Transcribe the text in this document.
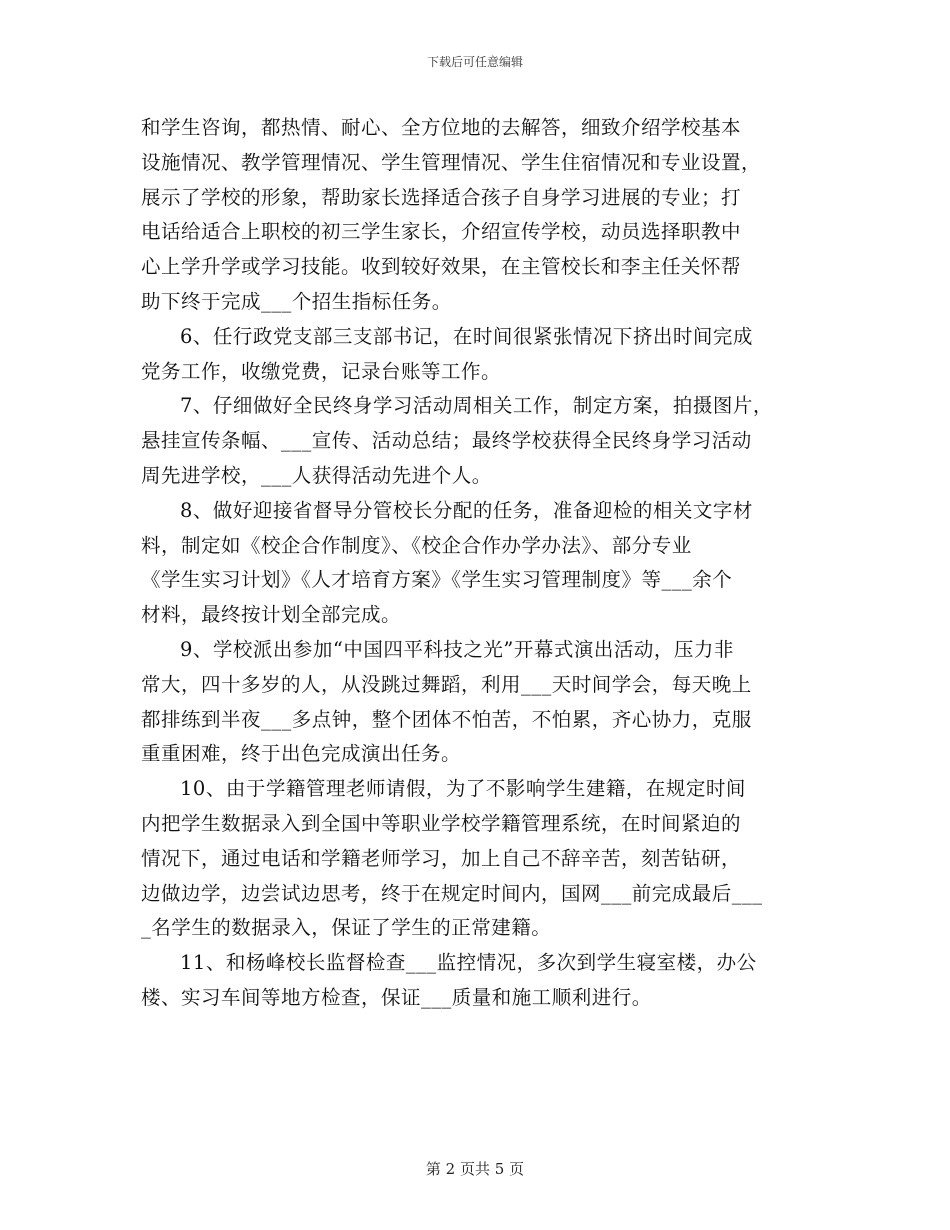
下载后可任意编辑
和学生咨询，都热情、耐心、全方位地的去解答，细致介绍学校基本
设施情况、教学管理情况、学生管理情况、学生住宿情况和专业设置，
展示了学校的形象，帮助家长选择适合孩子自身学习进展的专业；打
电话给适合上职校的初三学生家长，介绍宣传学校，动员选择职教中
心上学升学或学习技能。收到较好效果，在主管校长和李主任关怀帮
助下终于完成___个招生指标任务。
6、任行政党支部三支部书记，在时间很紧张情况下挤出时间完成
党务工作，收缴党费，记录台账等工作。
7、仔细做好全民终身学习活动周相关工作，制定方案，拍摄图片，
悬挂宣传条幅、___宣传、活动总结；最终学校获得全民终身学习活动
周先进学校，___人获得活动先进个人。
8、做好迎接省督导分管校长分配的任务，准备迎检的相关文字材
料，制定如《校企合作制度》、《校企合作办学办法》、部分专业
《学生实习计划》《人才培育方案》《学生实习管理制度》等___余个
材料，最终按计划全部完成。
9、学校派出参加“中国四平科技之光”开幕式演出活动，压力非
常大，四十多岁的人，从没跳过舞蹈，利用___天时间学会，每天晚上
都排练到半夜___多点钟，整个团体不怕苦，不怕累，齐心协力，克服
重重困难，终于出色完成演出任务。
10、由于学籍管理老师请假，为了不影响学生建籍，在规定时间
内把学生数据录入到全国中等职业学校学籍管理系统，在时间紧迫的
情况下，通过电话和学籍老师学习，加上自己不辞辛苦，刻苦钻研，
边做边学，边尝试边思考，终于在规定时间内，国网___前完成最后___
_名学生的数据录入，保证了学生的正常建籍。
11、和杨峰校长监督检查___监控情况，多次到学生寝室楼，办公
楼、实习车间等地方检查，保证___质量和施工顺利进行。
第 2 页共 5 页
